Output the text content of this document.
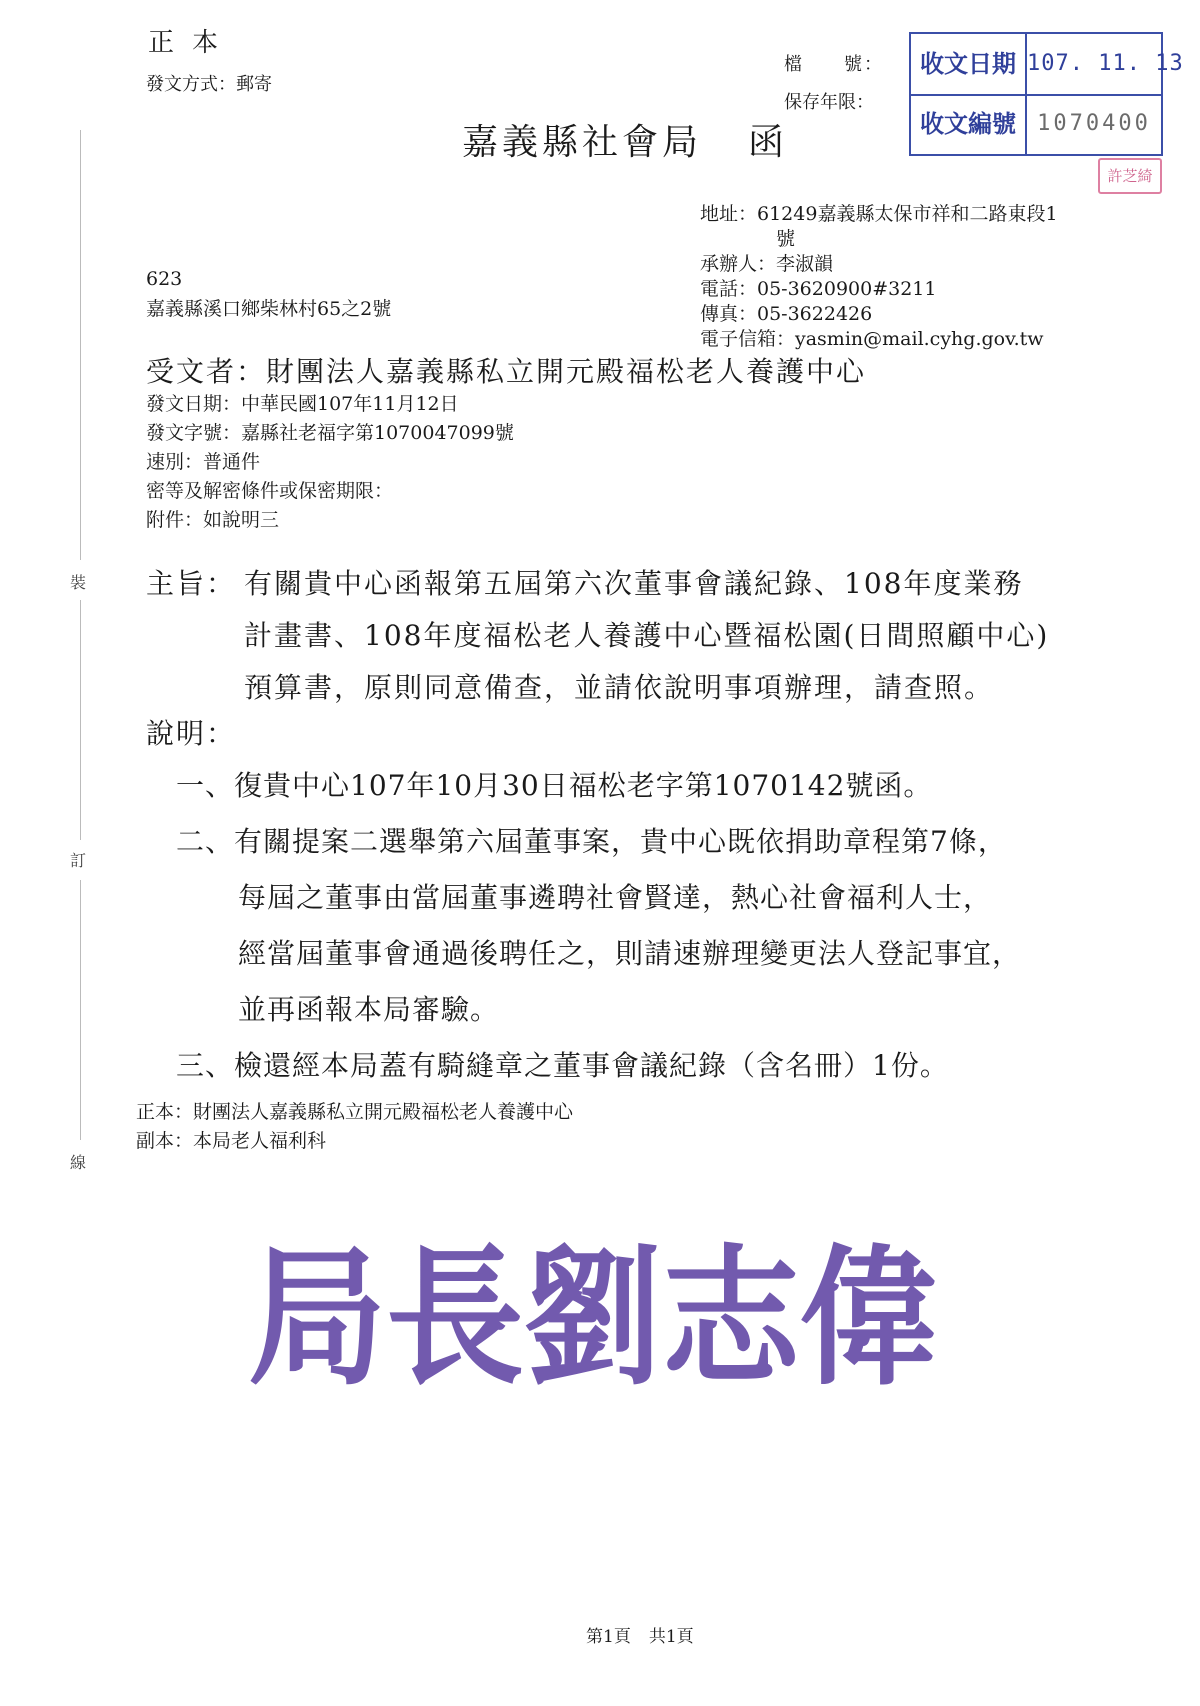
正本
發文方式：郵寄
檔　　號：
保存年限：
收文日期 107. 11. 13
收文編號 1070400
許芝綺
嘉義縣社會局 函
地址：61249嘉義縣太保市祥和二路東段1
號
承辦人：李淑韻
電話：05-3620900#3211
傳真：05-3622426
電子信箱：yasmin@mail.cyhg.gov.tw
623
嘉義縣溪口鄉柴林村65之2號
受文者：財團法人嘉義縣私立開元殿福松老人養護中心
發文日期：中華民國107年11月12日
發文字號：嘉縣社老福字第1070047099號
速別：普通件
密等及解密條件或保密期限：
附件：如說明三
主旨： 有關貴中心函報第五屆第六次董事會議紀錄、108年度業務
計畫書、108年度福松老人養護中心暨福松園(日間照顧中心)
預算書，原則同意備查，並請依說明事項辦理，請查照。
說明：
一、復貴中心107年10月30日福松老字第1070142號函。
二、有關提案二選舉第六屆董事案，貴中心既依捐助章程第7條，
每屆之董事由當屆董事遴聘社會賢達，熱心社會福利人士，
經當屆董事會通過後聘任之，則請速辦理變更法人登記事宜，
並再函報本局審驗。
三、檢還經本局蓋有騎縫章之董事會議紀錄（含名冊）1份。
正本：財團法人嘉義縣私立開元殿福松老人養護中心
副本：本局老人福利科
裝
訂
線
局長劉志偉
第1頁 共1頁
